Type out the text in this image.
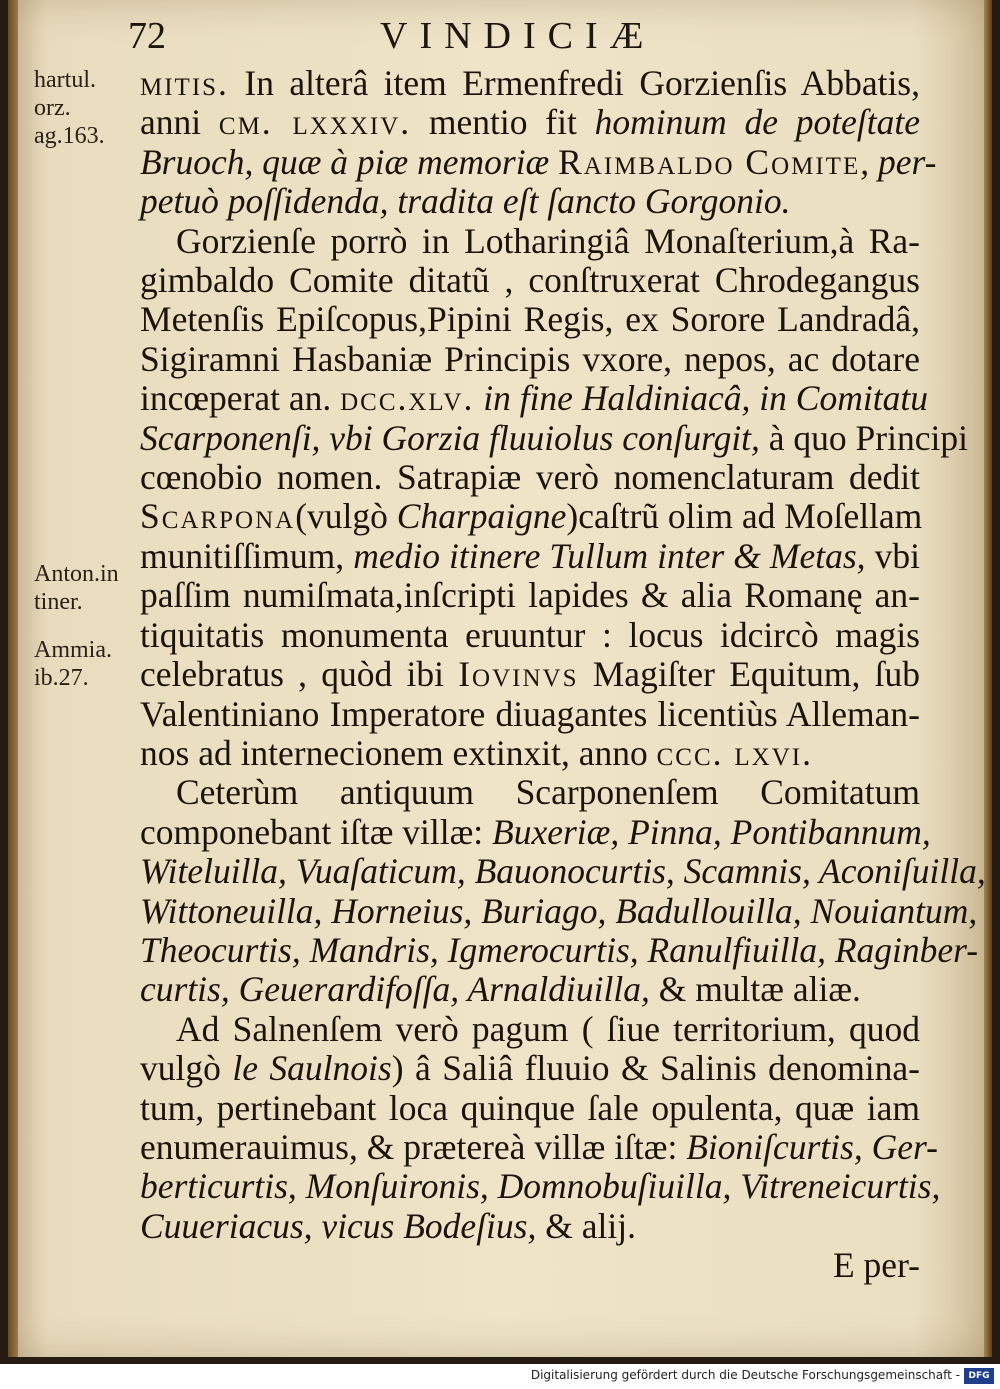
72	VINDICIÆ
hartul.
orz.
ag.163.
Anton.in
tiner.
Ammia.
ib.27.
mitis. In alterâ item Ermenfredi Gorzienſis Abbatis,
anni cm. lxxxiv. mentio fit hominum de poteſtate
Bruoch, quæ à piæ memoriæ Raimbaldo Comite, per-
petuò poſſidenda, tradita eſt ſancto Gorgonio.
Gorzienſe porrò in Lotharingiâ Monaſterium,à Ra-
gimbaldo Comite ditatũ , conſtruxerat Chrodegangus
Metenſis Epiſcopus,Pipini Regis, ex Sorore Landradâ,
Sigiramni Hasbaniæ Principis vxore, nepos, ac dotare
incœperat an. dcc.xlv. in fine Haldiniacâ, in Comitatu
Scarponenſi, vbi Gorzia fluuiolus conſurgit, à quo Principi
cœnobio nomen. Satrapiæ verò nomenclaturam dedit
Scarpona(vulgò Charpaigne)caſtrũ olim ad Moſellam
munitiſſimum, medio itinere Tullum inter & Metas, vbi
paſſim numiſmata,inſcripti lapides & alia Romanę an-
tiquitatis monumenta eruuntur : locus idcircò magis
celebratus , quòd ibi Iovinvs Magiſter Equitum, ſub
Valentiniano Imperatore diuagantes licentiùs Alleman-
nos ad internecionem extinxit, anno ccc. lxvi.
Ceterùm antiquum Scarponenſem Comitatum
componebant iſtæ villæ: Buxeriæ, Pinna, Pontibannum,
Witeluilla, Vuaſaticum, Bauonocurtis, Scamnis, Aconiſuilla,
Wittoneuilla, Horneius, Buriago, Badullouilla, Nouiantum,
Theocurtis, Mandris, Igmerocurtis, Ranulfiuilla, Raginber-
curtis, Geuerardifoſſa, Arnaldiuilla, & multæ aliæ.
Ad Salnenſem verò pagum ( ſiue territorium, quod
vulgò le Saulnois) â Saliâ fluuio & Salinis denomina-
tum, pertinebant loca quinque ſale opulenta, quæ iam
enumerauimus, & prætereà villæ iſtæ: Bioniſcurtis, Ger-
berticurtis, Monſuironis, Domnobuſiuilla, Vitreneicurtis,
Cuueriacus, vicus Bodeſius, & alij.
E per-
Digitalisierung gefördert durch die Deutsche Forschungsgemeinschaft - DFG
